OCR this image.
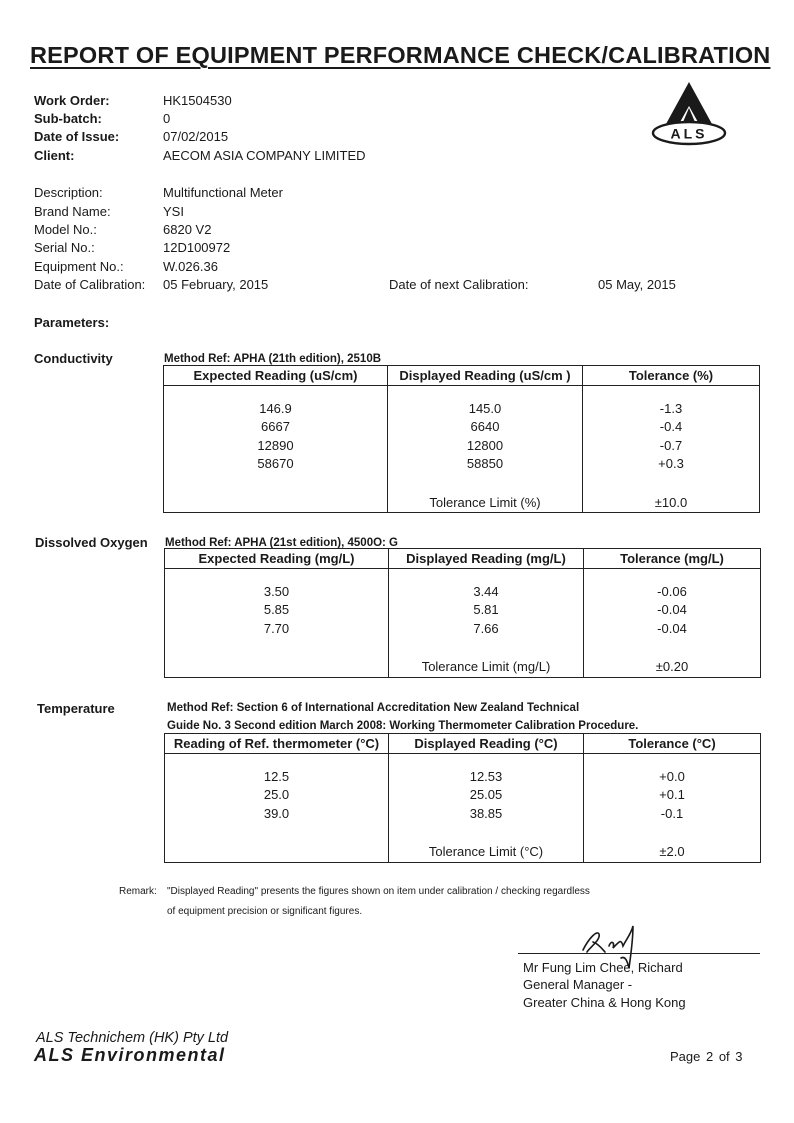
REPORT OF EQUIPMENT PERFORMANCE CHECK/CALIBRATION
ALS
Work Order:	HK1504530
Sub-batch:	0
Date of Issue:	07/02/2015
Client:	AECOM ASIA COMPANY LIMITED
Description:	Multifunctional Meter
Brand Name:	YSI
Model No.:	6820 V2
Serial No.:	12D100972
Equipment No.:	W.026.36
Date of Calibration: 05 February, 2015	Date of next Calibration:	05 May, 2015
Parameters:
Conductivity	Method Ref: APHA (21th edition), 2510B
Expected Reading (uS/cm)	Displayed Reading (uS/cm )	Tolerance (%)

146.9	145.0	-1.3
6667	6640	-0.4
12890	12800	-0.7
58670	58850	+0.3

	Tolerance Limit (%)	±10.0
Dissolved Oxygen Method Ref: APHA (21st edition), 4500O: G
Expected Reading (mg/L)	Displayed Reading (mg/L)	Tolerance (mg/L)

3.50	3.44	-0.06
5.85	5.81	-0.04
7.70	7.66	-0.04

	Tolerance Limit (mg/L)	±0.20
Temperature	Method Ref: Section 6 of International Accreditation New Zealand Technical
Guide No. 3 Second edition March 2008: Working Thermometer Calibration Procedure.
Reading of Ref. thermometer (°C)	Displayed Reading (°C)	Tolerance (°C)

12.5	12.53	+0.0
25.0	25.05	+0.1
39.0	38.85	-0.1

	Tolerance Limit (°C)	±2.0
Remark: "Displayed Reading" presents the figures shown on item under calibration / checking regardless
of equipment precision or significant figures.
Mr Fung Lim Chee, Richard
General Manager -
Greater China & Hong Kong
ALS Technichem (HK) Pty Ltd
ALS Environmental	Page 2 of 3
